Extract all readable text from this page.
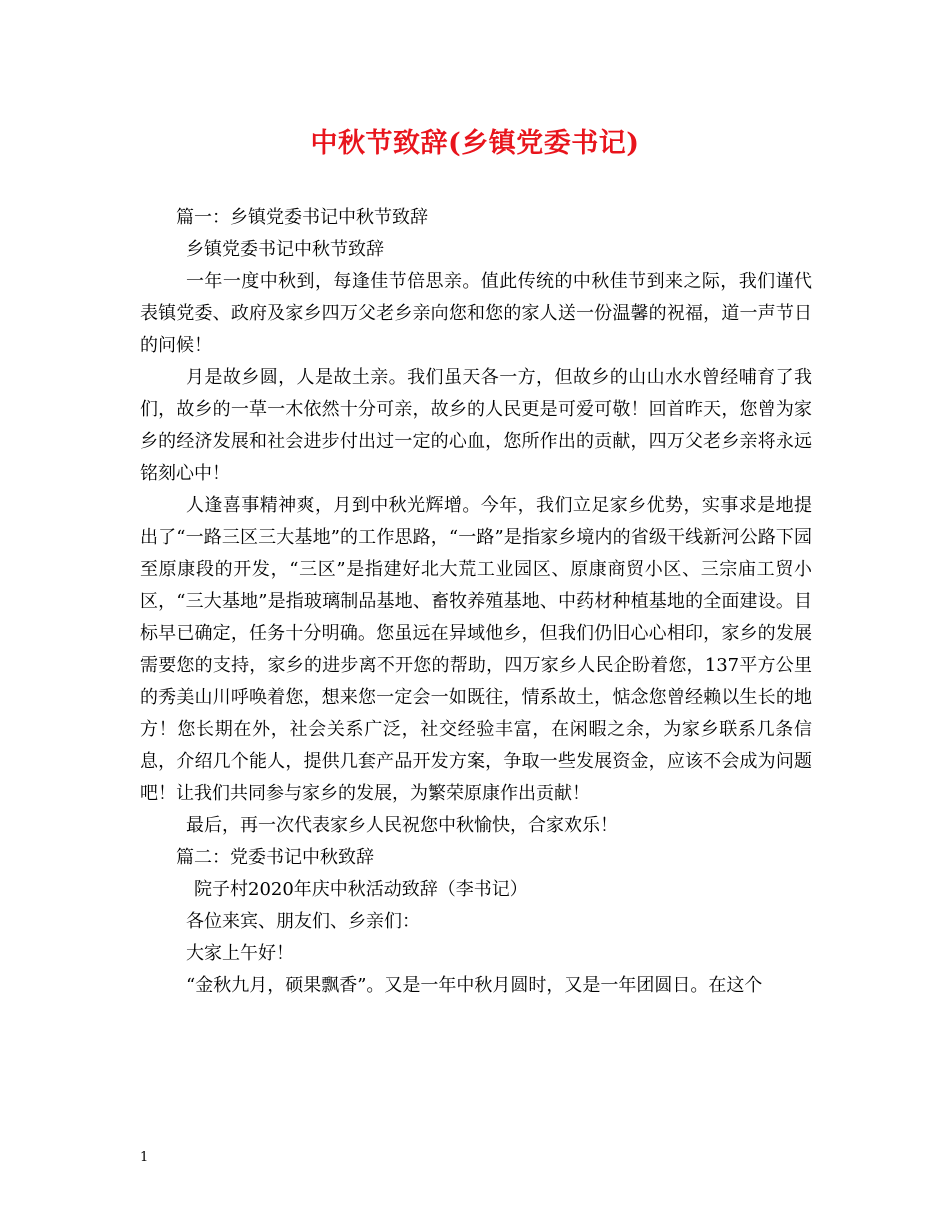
中秋节致辞(乡镇党委书记)

篇一：乡镇党委书记中秋节致辞

乡镇党委书记中秋节致辞

一年一度中秋到，每逢佳节倍思亲。值此传统的中秋佳节到来之际，我们谨代表镇党委、政府及家乡四万父老乡亲向您和您的家人送一份温馨的祝福，道一声节日的问候！

月是故乡圆，人是故土亲。我们虽天各一方，但故乡的山山水水曾经哺育了我们，故乡的一草一木依然十分可亲，故乡的人民更是可爱可敬！回首昨天，您曾为家乡的经济发展和社会进步付出过一定的心血，您所作出的贡献，四万父老乡亲将永远铭刻心中！

人逢喜事精神爽，月到中秋光辉增。今年，我们立足家乡优势，实事求是地提出了“一路三区三大基地”的工作思路，“一路”是指家乡境内的省级干线新河公路下园至原康段的开发，“三区”是指建好北大荒工业园区、原康商贸小区、三宗庙工贸小区，“三大基地”是指玻璃制品基地、畜牧养殖基地、中药材种植基地的全面建设。目标早已确定，任务十分明确。您虽远在异域他乡，但我们仍旧心心相印，家乡的发展需要您的支持，家乡的进步离不开您的帮助，四万家乡人民企盼着您，137平方公里的秀美山川呼唤着您，想来您一定会一如既往，情系故土，惦念您曾经赖以生长的地方！您长期在外，社会关系广泛，社交经验丰富，在闲暇之余，为家乡联系几条信息，介绍几个能人，提供几套产品开发方案，争取一些发展资金，应该不会成为问题吧！让我们共同参与家乡的发展，为繁荣原康作出贡献！

最后，再一次代表家乡人民祝您中秋愉快，合家欢乐！

篇二：党委书记中秋致辞

院子村2020年庆中秋活动致辞（李书记）

各位来宾、朋友们、乡亲们：

大家上午好！

“金秋九月，硕果飘香”。又是一年中秋月圆时，又是一年团圆日。在这个

1
